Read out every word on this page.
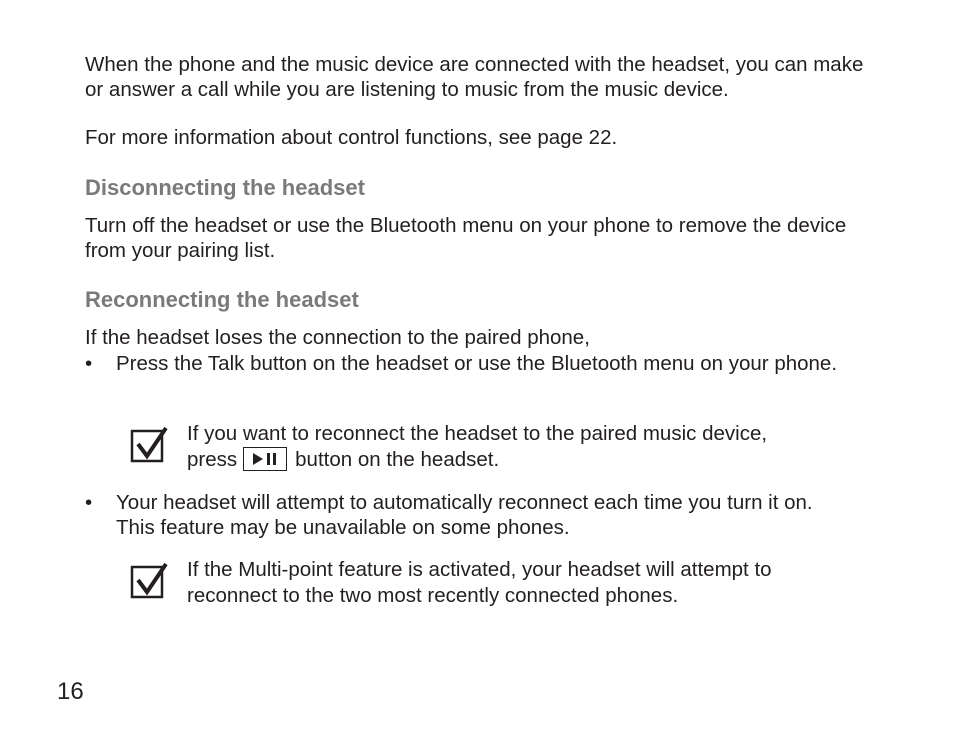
When the phone and the music device are connected with the headset, you can make or answer a call while you are listening to music from the music device.

For more information about control functions, see page 22.

Disconnecting the headset

Turn off the headset or use the Bluetooth menu on your phone to remove the device from your pairing list.

Reconnecting the headset

If the headset loses the connection to the paired phone,

•	Press the Talk button on the headset or use the Bluetooth menu on your phone.
If you want to reconnect the headset to the paired music device,
press	button on the headset.
•	Your headset will attempt to automatically reconnect each time you turn it on. This feature may be unavailable on some phones.
If the Multi-point feature is activated, your headset will attempt to reconnect to the two most recently connected phones.

16
